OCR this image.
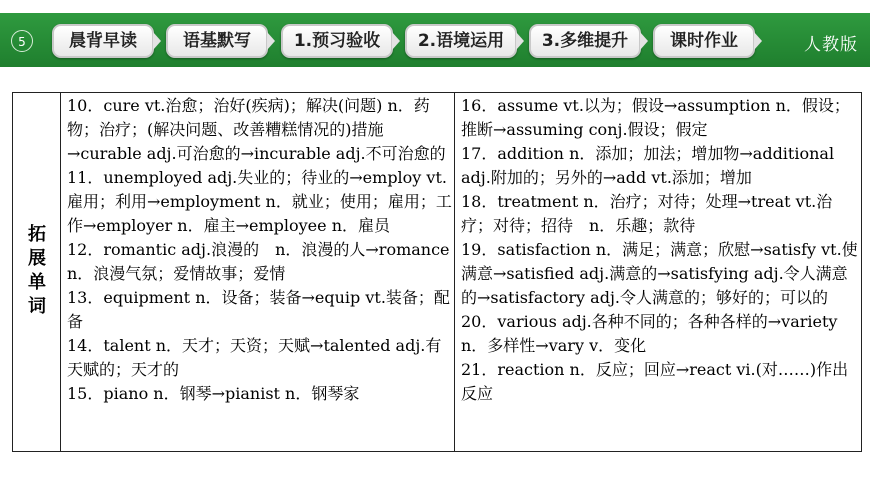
5	晨背早读	语基默写	1.预习验收	2.语境运用	3.多维提升	课时作业	人教版
拓展单词

10．cure vt.治愈；治好(疾病)；解决(问题) n．药物；治疗；(解决问题、改善糟糕情况的)措施→curable adj.可治愈的→incurable adj.不可治愈的

11．unemployed adj.失业的；待业的→employ vt.雇用；利用→employment n．就业；使用；雇用；工作→employer n．雇主→employee n．雇员

12．romantic adj.浪漫的　n．浪漫的人→romance n．浪漫气氛；爱情故事；爱情

13．equipment n．设备；装备→equip vt.装备；配备

14．talent n．天才；天资；天赋→talented adj.有天赋的；天才的

15．piano n．钢琴→pianist n．钢琴家

16．assume vt.以为；假设→assumption n．假设；推断→assuming conj.假设；假定

17．addition n．添加；加法；增加物→additional adj.附加的；另外的→add vt.添加；增加

18．treatment n．治疗；对待；处理→treat vt.治疗；对待；招待　n．乐趣；款待

19．satisfaction n．满足；满意；欣慰→satisfy vt.使满意→satisfied adj.满意的→satisfying adj.令人满意的→satisfactory adj.令人满意的；够好的；可以的

20．various adj.各种不同的；各种各样的→variety n．多样性→vary v．变化

21．reaction n．反应；回应→react vi.(对……)作出反应
